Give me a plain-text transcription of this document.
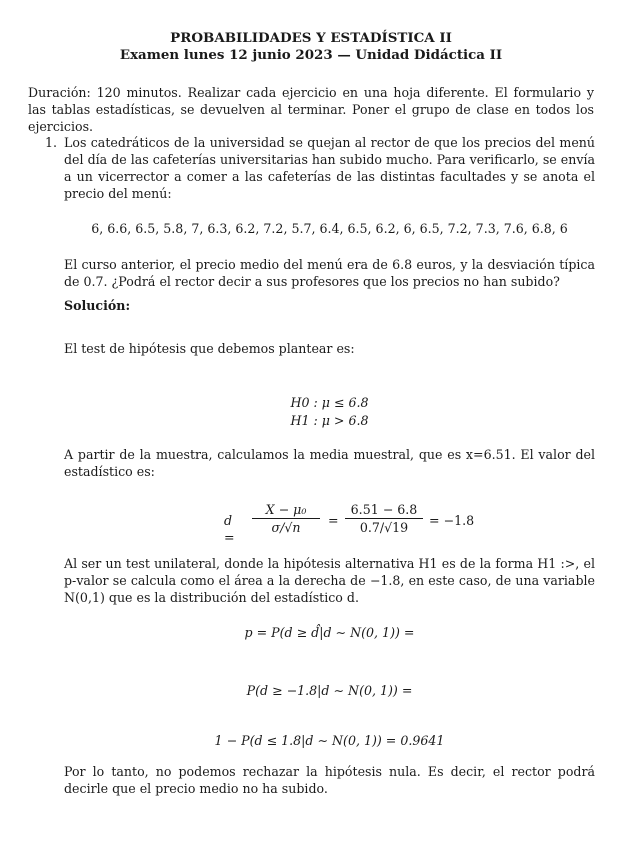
PROBABILIDADES Y ESTADÍSTICA II
Examen lunes 12 junio 2023 — Unidad Didáctica II
Duración: 120 minutos. Realizar cada ejercicio en una hoja diferente. El formulario y las tablas estadísticas, se devuelven al terminar. Poner el grupo de clase en todos los ejercicios.
1. Los catedráticos de la universidad se quejan al rector de que los precios del menú del día de las cafeterías universitarias han subido mucho. Para verificarlo, se envía a un vicerrector a comer a las cafeterías de las distintas facultades y se anota el precio del menú:
6, 6.6, 6.5, 5.8, 7, 6.3, 6.2, 7.2, 5.7, 6.4, 6.5, 6.2, 6, 6.5, 7.2, 7.3, 7.6, 6.8, 6
El curso anterior, el precio medio del menú era de 6.8 euros, y la desviación típica de 0.7. ¿Podrá el rector decir a sus profesores que los precios no han subido?
Solución:
El test de hipótesis que debemos plantear es:
H0 : μ ≤ 6.8
H1 : μ > 6.8
A partir de la muestra, calculamos la media muestral, que es x=6.51. El valor del estadístico es:
d =
$\frac{\text{X − μ₀}}{\sigma/√n} = \frac{6.51 - 6.8}{0.7/√19} = -1.8$
Al ser un test unilateral, donde la hipótesis alternativa H1 es de la forma H1 :>, el p-valor se calcula como el área a la derecha de −1.8, en este caso, de una variable N(0,1) que es la distribución del estadístico d.
p = P(d ≥ d̂|d ∼ N(0, 1)) =
P(d ≥ −1.8|d ∼ N(0, 1)) =
1 − P(d ≤ 1.8|d ∼ N(0, 1)) = 0.9641
Por lo tanto, no podemos rechazar la hipótesis nula. Es decir, el rector podrá decirle que el precio medio no ha subido.
